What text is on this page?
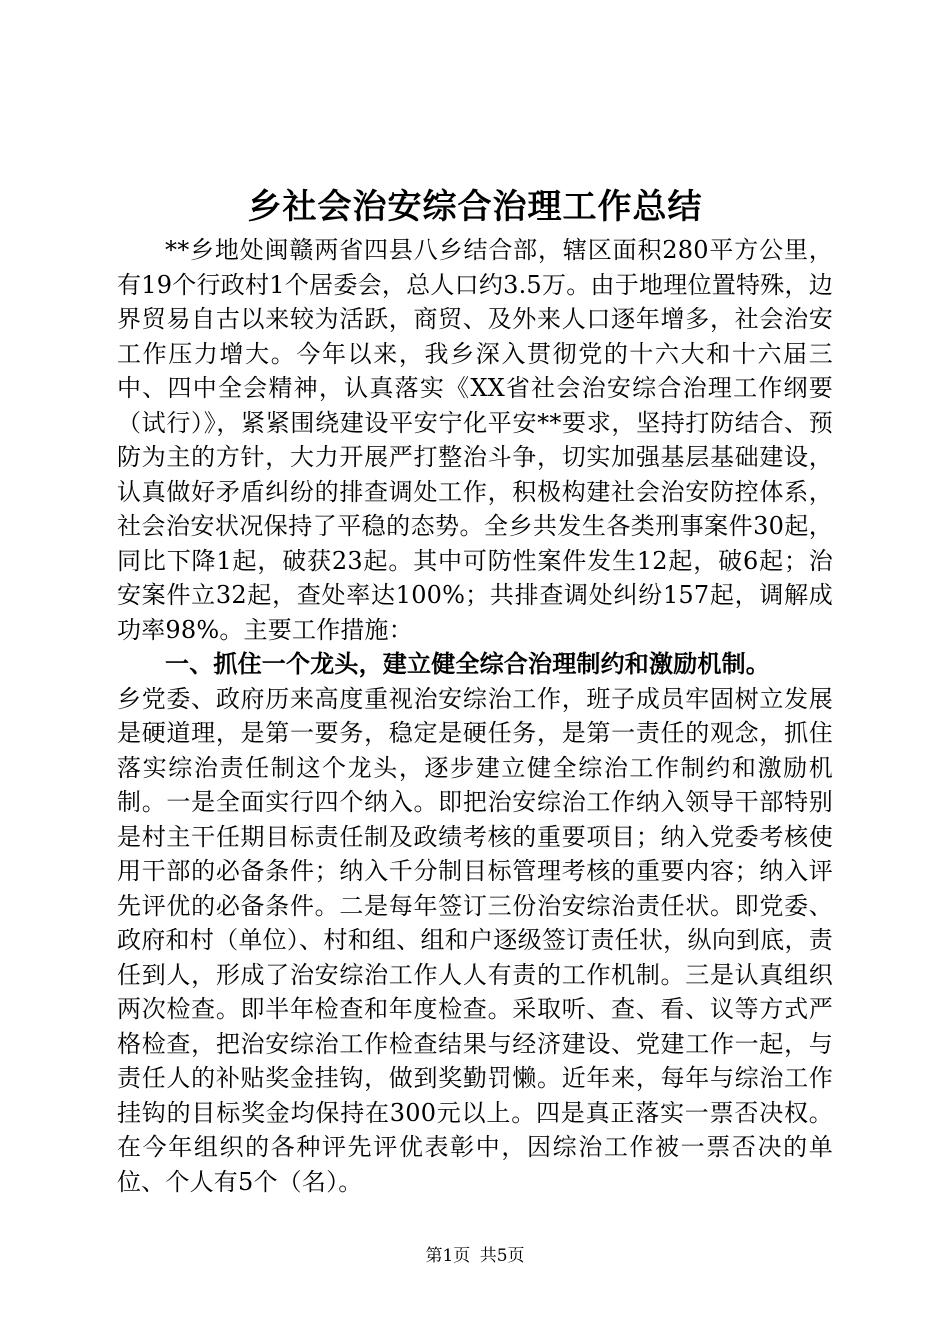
乡社会治安综合治理工作总结

**乡地处闽赣两省四县八乡结合部，辖区面积280平方公里，有19个行政村1个居委会，总人口约3.5万。由于地理位置特殊，边界贸易自古以来较为活跃，商贸、及外来人口逐年增多，社会治安工作压力增大。今年以来，我乡深入贯彻党的十六大和十六届三中、四中全会精神，认真落实《XX省社会治安综合治理工作纲要（试行）》，紧紧围绕建设平安宁化平安**要求，坚持打防结合、预防为主的方针，大力开展严打整治斗争，切实加强基层基础建设，认真做好矛盾纠纷的排查调处工作，积极构建社会治安防控体系，社会治安状况保持了平稳的态势。全乡共发生各类刑事案件30起，同比下降1起，破获23起。其中可防性案件发生12起，破6起；治安案件立32起，查处率达100%；共排查调处纠纷157起，调解成功率98%。主要工作措施：

一、抓住一个龙头，建立健全综合治理制约和激励机制。

乡党委、政府历来高度重视治安综治工作，班子成员牢固树立发展是硬道理，是第一要务，稳定是硬任务，是第一责任的观念，抓住落实综治责任制这个龙头，逐步建立健全综治工作制约和激励机制。一是全面实行四个纳入。即把治安综治工作纳入领导干部特别是村主干任期目标责任制及政绩考核的重要项目；纳入党委考核使用干部的必备条件；纳入千分制目标管理考核的重要内容；纳入评先评优的必备条件。二是每年签订三份治安综治责任状。即党委、政府和村（单位）、村和组、组和户逐级签订责任状，纵向到底，责任到人，形成了治安综治工作人人有责的工作机制。三是认真组织两次检查。即半年检查和年度检查。采取听、查、看、议等方式严格检查，把治安综治工作检查结果与经济建设、党建工作一起，与责任人的补贴奖金挂钩，做到奖勤罚懒。近年来，每年与综治工作挂钩的目标奖金均保持在300元以上。四是真正落实一票否决权。在今年组织的各种评先评优表彰中，因综治工作被一票否决的单位、个人有5个（名）。

第1页 共5页
